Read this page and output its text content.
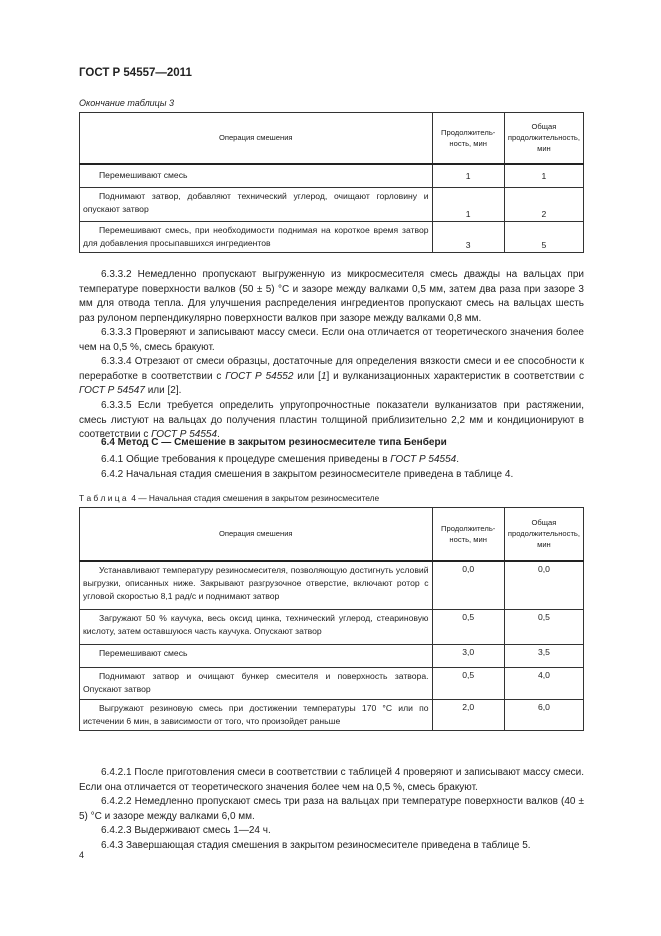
ГОСТ Р 54557—2011
Окончание таблицы 3
Операция смешения	Продолжитель-ность, мин	Общая продолжительность, мин
Перемешивают смесь	1	1
Поднимают затвор, добавляют технический углерод, очищают горловину и опускают затвор	1	2
Перемешивают смесь, при необходимости поднимая на короткое время затвор для добавления просыпавшихся ингредиентов	3	5
6.3.3.2 Немедленно пропускают выгруженную из микросмесителя смесь дважды на вальцах при температуре поверхности валков (50 ± 5) °С и зазоре между валками 0,5 мм, затем два раза при зазоре 3 мм для отвода тепла. Для улучшения распределения ингредиентов пропускают смесь на вальцах шесть раз рулоном перпендикулярно поверхности валков при зазоре между валками 0,8 мм.
6.3.3.3 Проверяют и записывают массу смеси. Если она отличается от теоретического значения более чем на 0,5 %, смесь бракуют.
6.3.3.4 Отрезают от смеси образцы, достаточные для определения вязкости смеси и ее способности к переработке в соответствии с ГОСТ Р 54552 или [1] и вулканизационных характеристик в соответствии с ГОСТ Р 54547 или [2].
6.3.3.5 Если требуется определить упругопрочностные показатели вулканизатов при растяжении, смесь листуют на вальцах до получения пластин толщиной приблизительно 2,2 мм и кондиционируют в соответствии с ГОСТ Р 54554.
6.4 Метод С — Смешение в закрытом резиносмесителе типа Бенбери
6.4.1 Общие требования к процедуре смешения приведены в ГОСТ Р 54554.
6.4.2 Начальная стадия смешения в закрытом резиносмесителе приведена в таблице 4.
Т а б л и ц а 4 — Начальная стадия смешения в закрытом резиносмесителе
Операция смешения	Продолжитель-ность, мин	Общая продолжительность, мин
Устанавливают температуру резиносмесителя, позволяющую достигнуть условий выгрузки, описанных ниже. Закрывают разгрузочное отверстие, включают ротор с угловой скоростью 8,1 рад/с и поднимают затвор	0,0	0,0
Загружают 50 % каучука, весь оксид цинка, технический углерод, стеариновую кислоту, затем оставшуюся часть каучука. Опускают затвор	0,5	0,5
Перемешивают смесь	3,0	3,5
Поднимают затвор и очищают бункер смесителя и поверхность затвора. Опускают затвор	0,5	4,0
Выгружают резиновую смесь при достижении температуры 170 °С или по истечении 6 мин, в зависимости от того, что произойдет раньше	2,0	6,0
6.4.2.1 После приготовления смеси в соответствии с таблицей 4 проверяют и записывают массу смеси. Если она отличается от теоретического значения более чем на 0,5 %, смесь бракуют.
6.4.2.2 Немедленно пропускают смесь три раза на вальцах при температуре поверхности валков (40 ± 5) °С и зазоре между валками 6,0 мм.
6.4.2.3 Выдерживают смесь 1—24 ч.
6.4.3 Завершающая стадия смешения в закрытом резиносмесителе приведена в таблице 5.
4
